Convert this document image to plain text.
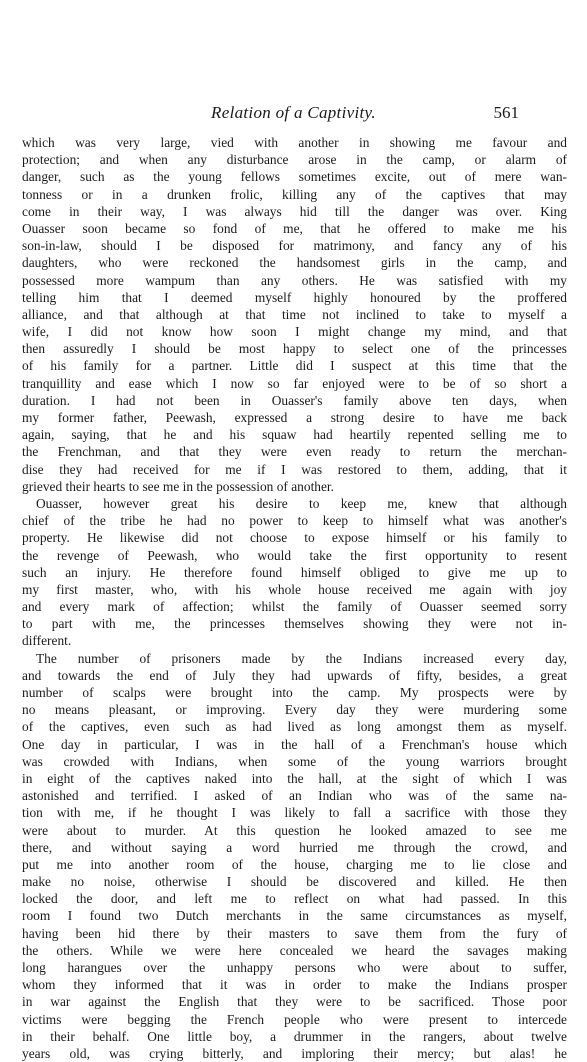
Relation of a Captivity.	561
which was very large, vied with another in showing me favour and
protection; and when any disturbance arose in the camp, or alarm of
danger, such as the young fellows sometimes excite, out of mere wan-
tonness or in a drunken frolic, killing any of the captives that may
come in their way, I was always hid till the danger was over. King
Ouasser soon became so fond of me, that he offered to make me his
son-in-law, should I be disposed for matrimony, and fancy any of his
daughters, who were reckoned the handsomest girls in the camp, and
possessed more wampum than any others. He was satisfied with my
telling him that I deemed myself highly honoured by the proffered
alliance, and that although at that time not inclined to take to myself a
wife, I did not know how soon I might change my mind, and that
then assuredly I should be most happy to select one of the princesses
of his family for a partner. Little did I suspect at this time that the
tranquillity and ease which I now so far enjoyed were to be of so short a
duration. I had not been in Ouasser's family above ten days, when
my former father, Peewash, expressed a strong desire to have me back
again, saying, that he and his squaw had heartily repented selling me to
the Frenchman, and that they were even ready to return the merchan-
dise they had received for me if I was restored to them, adding, that it
grieved their hearts to see me in the possession of another.
Ouasser, however great his desire to keep me, knew that although
chief of the tribe he had no power to keep to himself what was another's
property. He likewise did not choose to expose himself or his family to
the revenge of Peewash, who would take the first opportunity to resent
such an injury. He therefore found himself obliged to give me up to
my first master, who, with his whole house received me again with joy
and every mark of affection; whilst the family of Ouasser seemed sorry
to part with me, the princesses themselves showing they were not in-
different.
The number of prisoners made by the Indians increased every day,
and towards the end of July they had upwards of fifty, besides, a great
number of scalps were brought into the camp. My prospects were by
no means pleasant, or improving. Every day they were murdering some
of the captives, even such as had lived as long amongst them as myself.
One day in particular, I was in the hall of a Frenchman's house which
was crowded with Indians, when some of the young warriors brought
in eight of the captives naked into the hall, at the sight of which I was
astonished and terrified. I asked of an Indian who was of the same na-
tion with me, if he thought I was likely to fall a sacrifice with those they
were about to murder. At this question he looked amazed to see me
there, and without saying a word hurried me through the crowd, and
put me into another room of the house, charging me to lie close and
make no noise, otherwise I should be discovered and killed. He then
locked the door, and left me to reflect on what had passed. In this
room I found two Dutch merchants in the same circumstances as myself,
having been hid there by their masters to save them from the fury of
the others. While we were here concealed we heard the savages making
long harangues over the unhappy persons who were about to suffer,
whom they informed that it was in order to make the Indians prosper
in war against the English that they were to be sacrificed. Those poor
victims were begging the French people who were present to intercede
in their behalf. One little boy, a drummer in the rangers, about twelve
years old, was crying bitterly, and imploring their mercy; but alas! he
